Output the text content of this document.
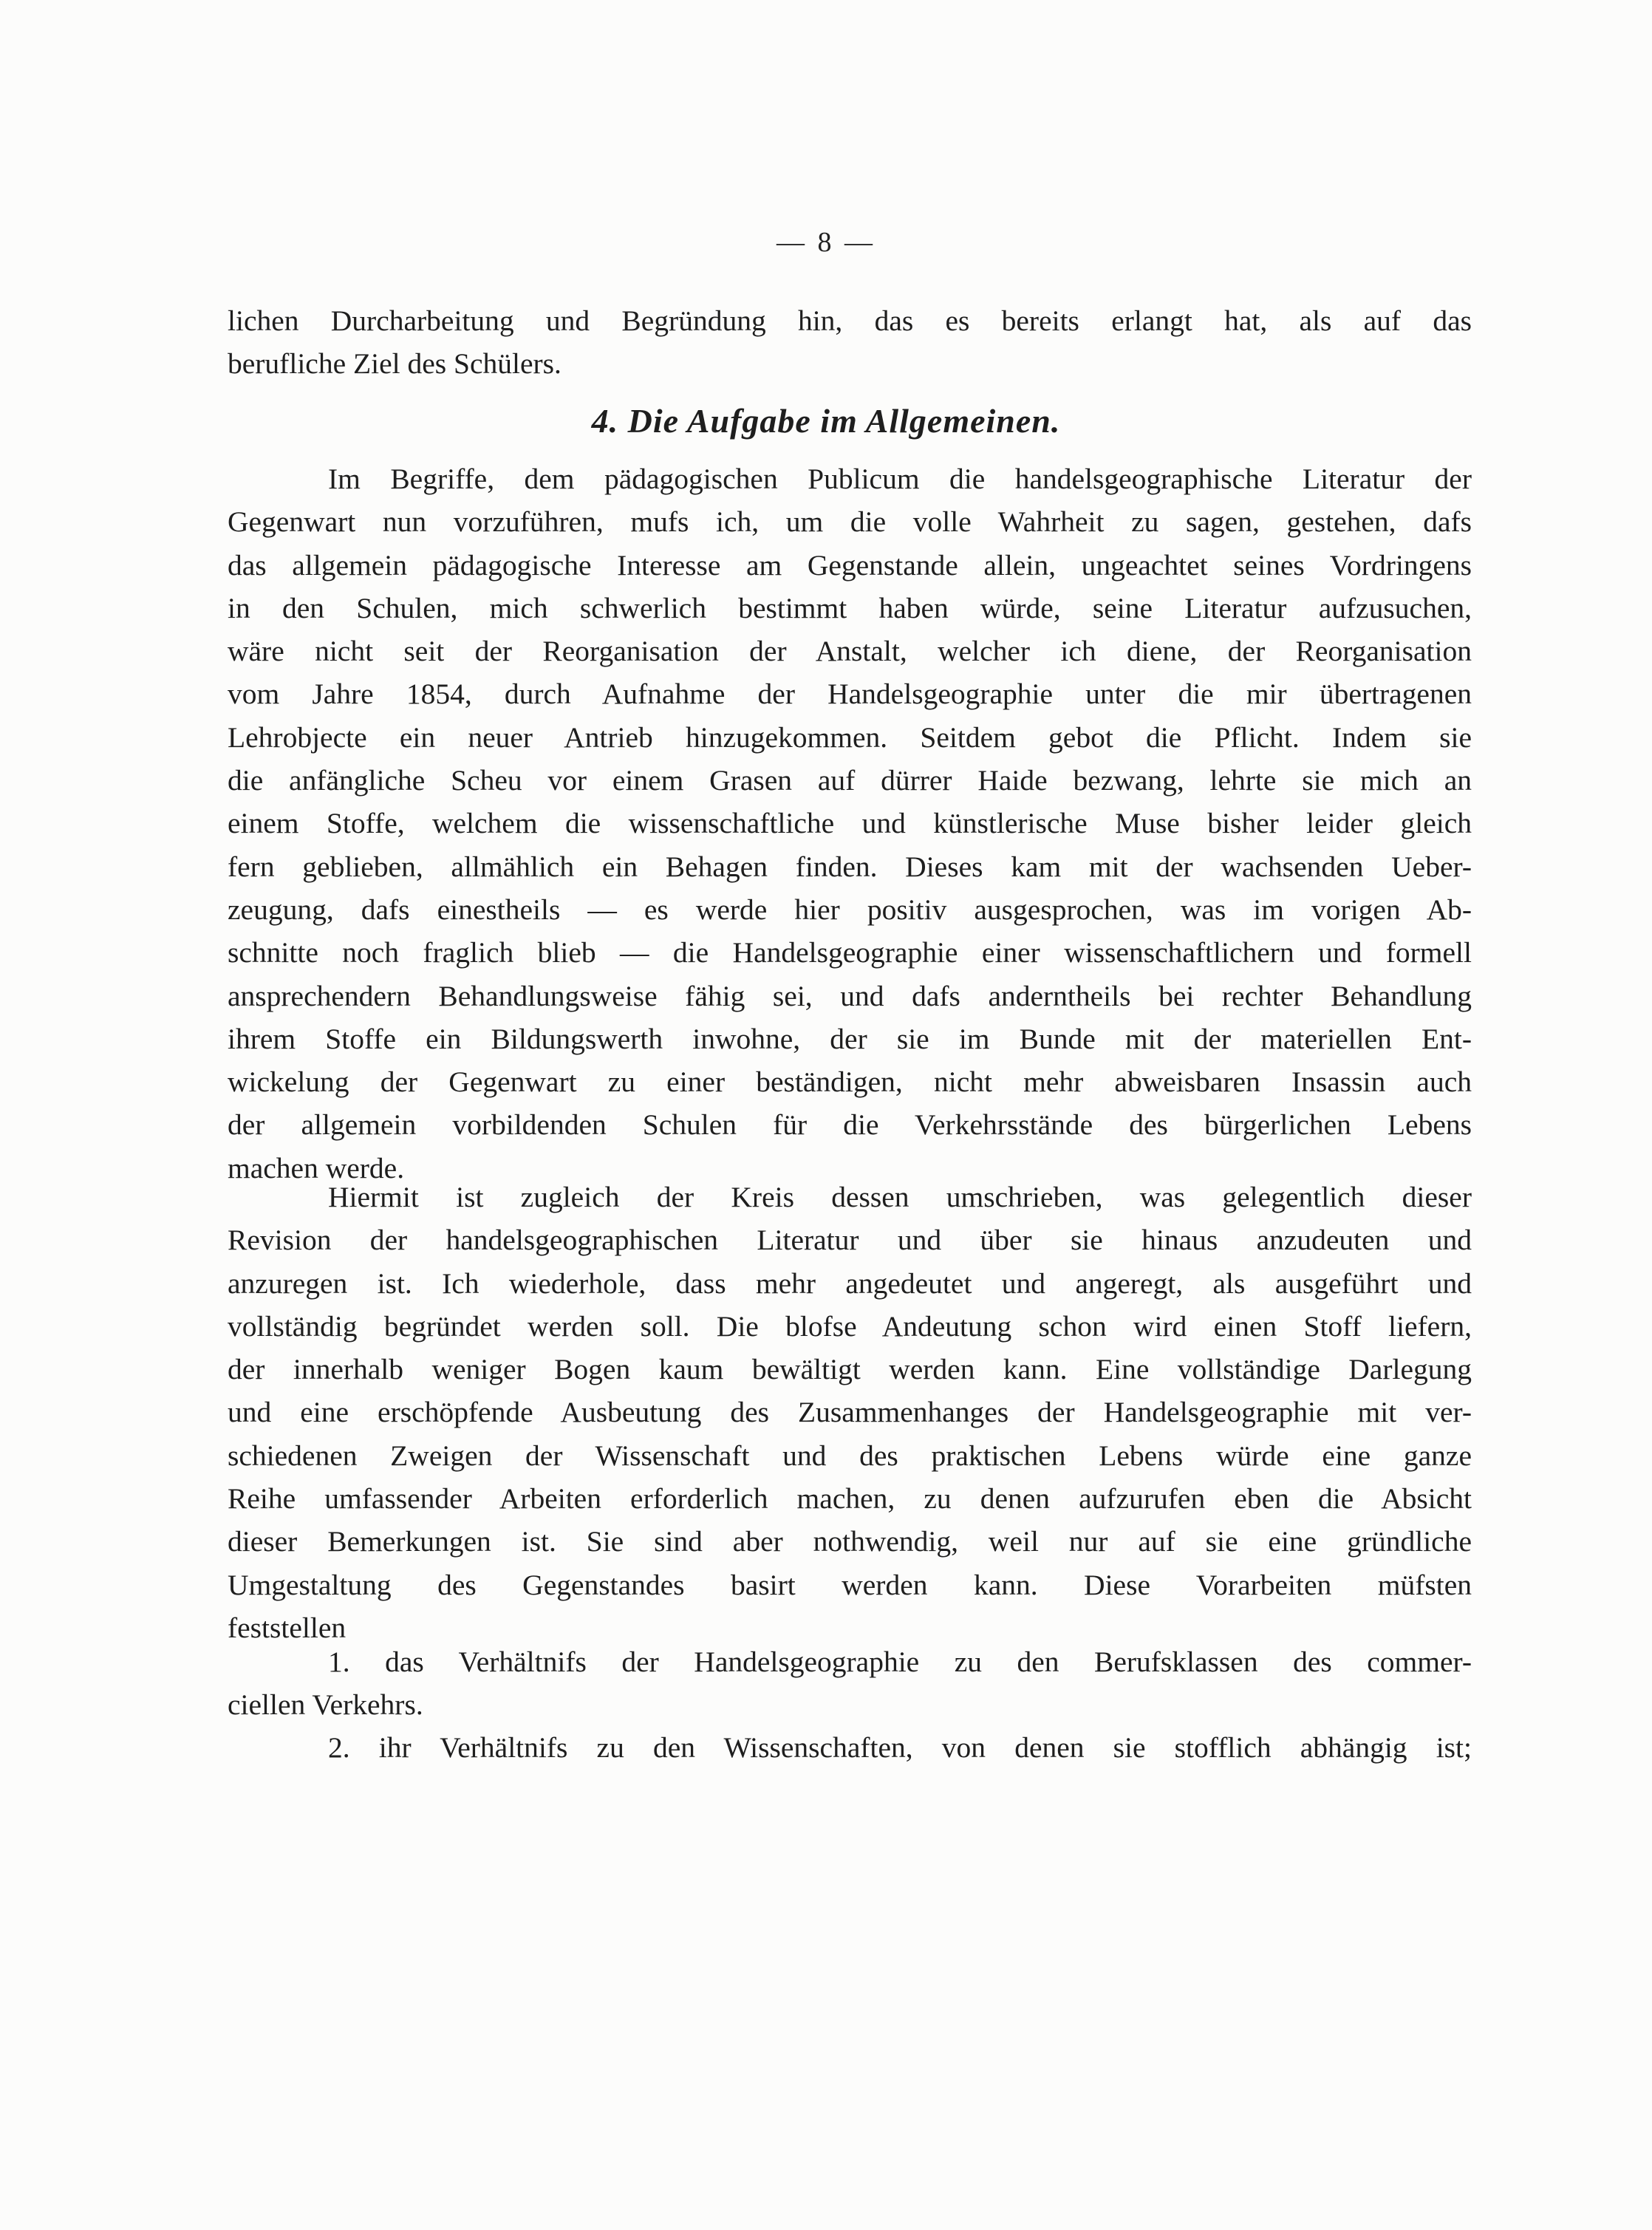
— 8 —
lichen Durcharbeitung und Begründung hin, das es bereits erlangt hat, als auf das
berufliche Ziel des Schülers.
4. Die Aufgabe im Allgemeinen.
Im Begriffe, dem pädagogischen Publicum die handelsgeographische Literatur der
Gegenwart nun vorzuführen, mufs ich, um die volle Wahrheit zu sagen, gestehen, dafs
das allgemein pädagogische Interesse am Gegenstande allein, ungeachtet seines Vordringens
in den Schulen, mich schwerlich bestimmt haben würde, seine Literatur aufzusuchen,
wäre nicht seit der Reorganisation der Anstalt, welcher ich diene, der Reorganisation
vom Jahre 1854, durch Aufnahme der Handelsgeographie unter die mir übertragenen
Lehrobjecte ein neuer Antrieb hinzugekommen. Seitdem gebot die Pflicht. Indem sie
die anfängliche Scheu vor einem Grasen auf dürrer Haide bezwang, lehrte sie mich an
einem Stoffe, welchem die wissenschaftliche und künstlerische Muse bisher leider gleich
fern geblieben, allmählich ein Behagen finden. Dieses kam mit der wachsenden Ueber-
zeugung, dafs einestheils — es werde hier positiv ausgesprochen, was im vorigen Ab-
schnitte noch fraglich blieb — die Handelsgeographie einer wissenschaftlichern und formell
ansprechendern Behandlungsweise fähig sei, und dafs anderntheils bei rechter Behandlung
ihrem Stoffe ein Bildungswerth inwohne, der sie im Bunde mit der materiellen Ent-
wickelung der Gegenwart zu einer beständigen, nicht mehr abweisbaren Insassin auch
der allgemein vorbildenden Schulen für die Verkehrsstände des bürgerlichen Lebens
machen werde.
Hiermit ist zugleich der Kreis dessen umschrieben, was gelegentlich dieser
Revision der handelsgeographischen Literatur und über sie hinaus anzudeuten und
anzuregen ist. Ich wiederhole, dass mehr angedeutet und angeregt, als ausgeführt und
vollständig begründet werden soll. Die blofse Andeutung schon wird einen Stoff liefern,
der innerhalb weniger Bogen kaum bewältigt werden kann. Eine vollständige Darlegung
und eine erschöpfende Ausbeutung des Zusammenhanges der Handelsgeographie mit ver-
schiedenen Zweigen der Wissenschaft und des praktischen Lebens würde eine ganze
Reihe umfassender Arbeiten erforderlich machen, zu denen aufzurufen eben die Absicht
dieser Bemerkungen ist. Sie sind aber nothwendig, weil nur auf sie eine gründliche
Umgestaltung des Gegenstandes basirt werden kann. Diese Vorarbeiten müfsten
feststellen
1. das Verhältnifs der Handelsgeographie zu den Berufsklassen des commer-
ciellen Verkehrs.
2. ihr Verhältnifs zu den Wissenschaften, von denen sie stofflich abhängig ist;
